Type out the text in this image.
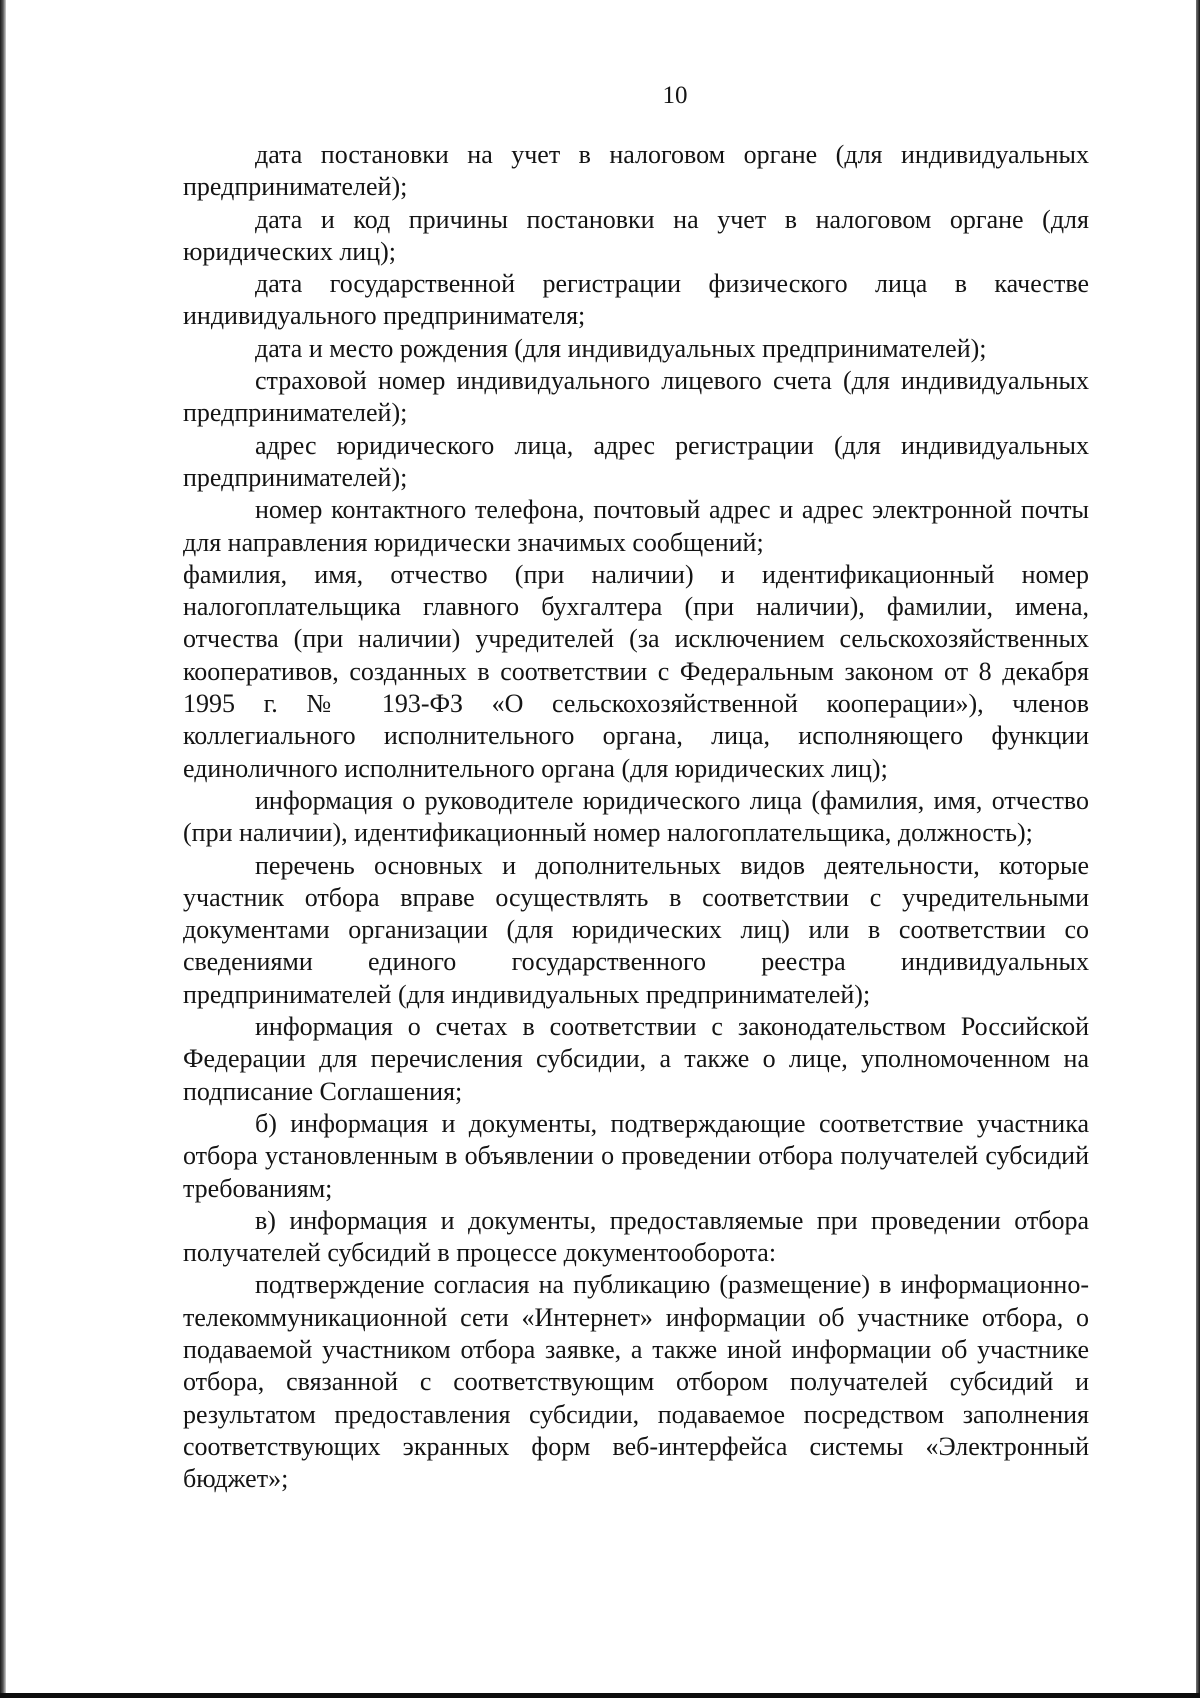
10

дата постановки на учет в налоговом органе (для индивидуальных предпринимателей);

дата и код причины постановки на учет в налоговом органе (для юридических лиц);

дата государственной регистрации физического лица в качестве индивидуального предпринимателя;

дата и место рождения (для индивидуальных предпринимателей);

страховой номер индивидуального лицевого счета (для индивидуальных предпринимателей);

адрес юридического лица, адрес регистрации (для индивидуальных предпринимателей);

номер контактного телефона, почтовый адрес и адрес электронной почты для направления юридически значимых сообщений;

фамилия, имя, отчество (при наличии) и идентификационный номер налогоплательщика главного бухгалтера (при наличии), фамилии, имена, отчества (при наличии) учредителей (за исключением сельскохозяйственных кооперативов, созданных в соответствии с Федеральным законом от 8 декабря 1995 г. № 193-ФЗ «О сельскохозяйственной кооперации»), членов коллегиального исполнительного органа, лица, исполняющего функции единоличного исполнительного органа (для юридических лиц);

информация о руководителе юридического лица (фамилия, имя, отчество (при наличии), идентификационный номер налогоплательщика, должность);

перечень основных и дополнительных видов деятельности, которые участник отбора вправе осуществлять в соответствии с учредительными документами организации (для юридических лиц) или в соответствии со сведениями единого государственного реестра индивидуальных предпринимателей (для индивидуальных предпринимателей);

информация о счетах в соответствии с законодательством Российской Федерации для перечисления субсидии, а также о лице, уполномоченном на подписание Соглашения;

б) информация и документы, подтверждающие соответствие участника отбора установленным в объявлении о проведении отбора получателей субсидий требованиям;

в) информация и документы, предоставляемые при проведении отбора получателей субсидий в процессе документооборота:

подтверждение согласия на публикацию (размещение) в информационно-телекоммуникационной сети «Интернет» информации об участнике отбора, о подаваемой участником отбора заявке, а также иной информации об участнике отбора, связанной с соответствующим отбором получателей субсидий и результатом предоставления субсидии, подаваемое посредством заполнения соответствующих экранных форм веб-интерфейса системы «Электронный бюджет»;
